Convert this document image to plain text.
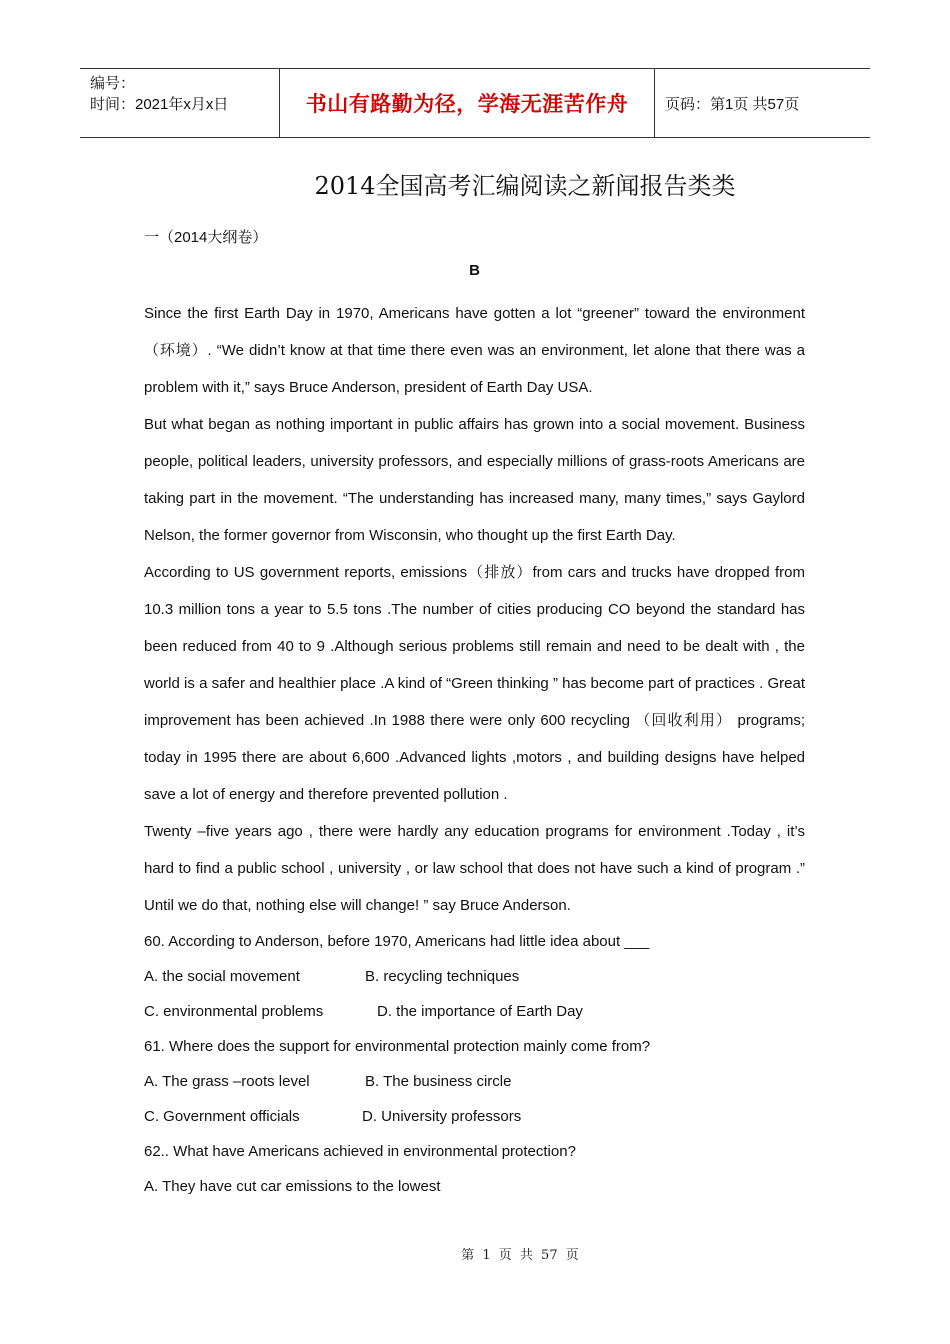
编号：
时间：2021年x月x日	书山有路勤为径，学海无涯苦作舟	页码：第1页 共57页
2014全国高考汇编阅读之新闻报告类类
一（2014大纲卷）
B

Since the first Earth Day in 1970, Americans have gotten a lot “greener” toward the environment（环境）. “We didn’t know at that time there even was an environment, let alone that there was a problem with it,” says Bruce Anderson, president of Earth Day USA.

But what began as nothing important in public affairs has grown into a social movement. Business people, political leaders, university professors, and especially millions of grass-roots Americans are taking part in the movement. “The understanding has increased many, many times,” says Gaylord Nelson, the former governor from Wisconsin, who thought up the first Earth Day.

According to US government reports, emissions（排放）from cars and trucks have dropped from 10.3 million tons a year to 5.5 tons .The number of cities producing CO beyond the standard has been reduced from 40 to 9 .Although serious problems still remain and need to be dealt with , the world is a safer and healthier place .A kind of “Green thinking ” has become part of practices . Great improvement has been achieved .In 1988 there were only 600 recycling （回收利用） programs; today in 1995 there are about 6,600 .Advanced lights ,motors , and building designs have helped save a lot of energy and therefore prevented pollution .

Twenty –five years ago , there were hardly any education programs for environment .Today , it’s hard to find a public school , university , or law school that does not have such a kind of program .” Until we do that, nothing else will change! ” say Bruce Anderson.

60. According to Anderson, before 1970, Americans had little idea about ___
A. the social movement	B. recycling techniques
C. environmental problems	D. the importance of Earth Day
61. Where does the support for environmental protection mainly come from?
A. The grass –roots level	B. The business circle
C. Government officials	D. University professors
62.. What have Americans achieved in environmental protection?
A. They have cut car emissions to the lowest
第 1 页 共 57 页
